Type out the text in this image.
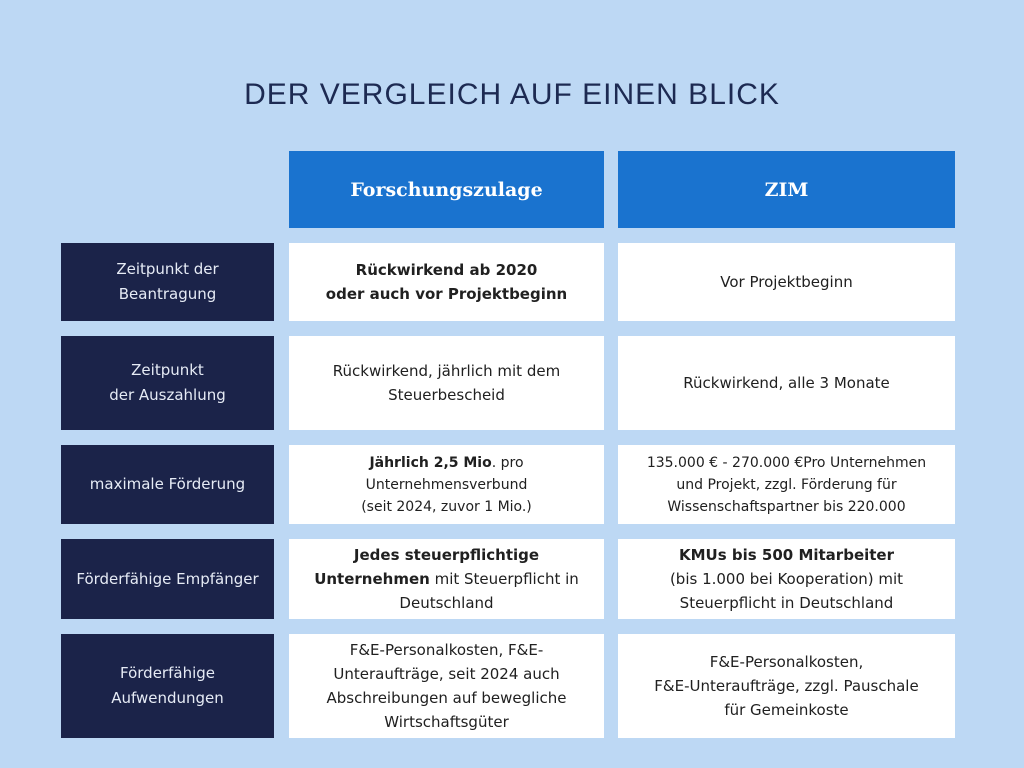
DER VERGLEICH AUF EINEN BLICK
Forschungszulage	ZIM
Zeitpunkt der
Beantragung
Rückwirkend ab 2020
oder auch vor Projektbeginn
Vor Projektbeginn
Zeitpunkt
der Auszahlung
Rückwirkend, jährlich mit dem
Steuerbescheid
Rückwirkend, alle 3 Monate
maximale Förderung
Jährlich 2,5 Mio. pro
Unternehmensverbund
(seit 2024, zuvor 1 Mio.)
135.000 € - 270.000 €Pro Unternehmen
und Projekt, zzgl. Förderung für
Wissenschaftspartner bis 220.000
Förderfähige Empfänger
Jedes steuerpflichtige
Unternehmen mit Steuerpflicht in
Deutschland
KMUs bis 500 Mitarbeiter
(bis 1.000 bei Kooperation) mit
Steuerpflicht in Deutschland
Förderfähige
Aufwendungen
F&E-Personalkosten, F&E-
Unteraufträge, seit 2024 auch
Abschreibungen auf bewegliche
Wirtschaftsgüter
F&E-Personalkosten,
F&E-Unteraufträge, zzgl. Pauschale
für Gemeinkoste
